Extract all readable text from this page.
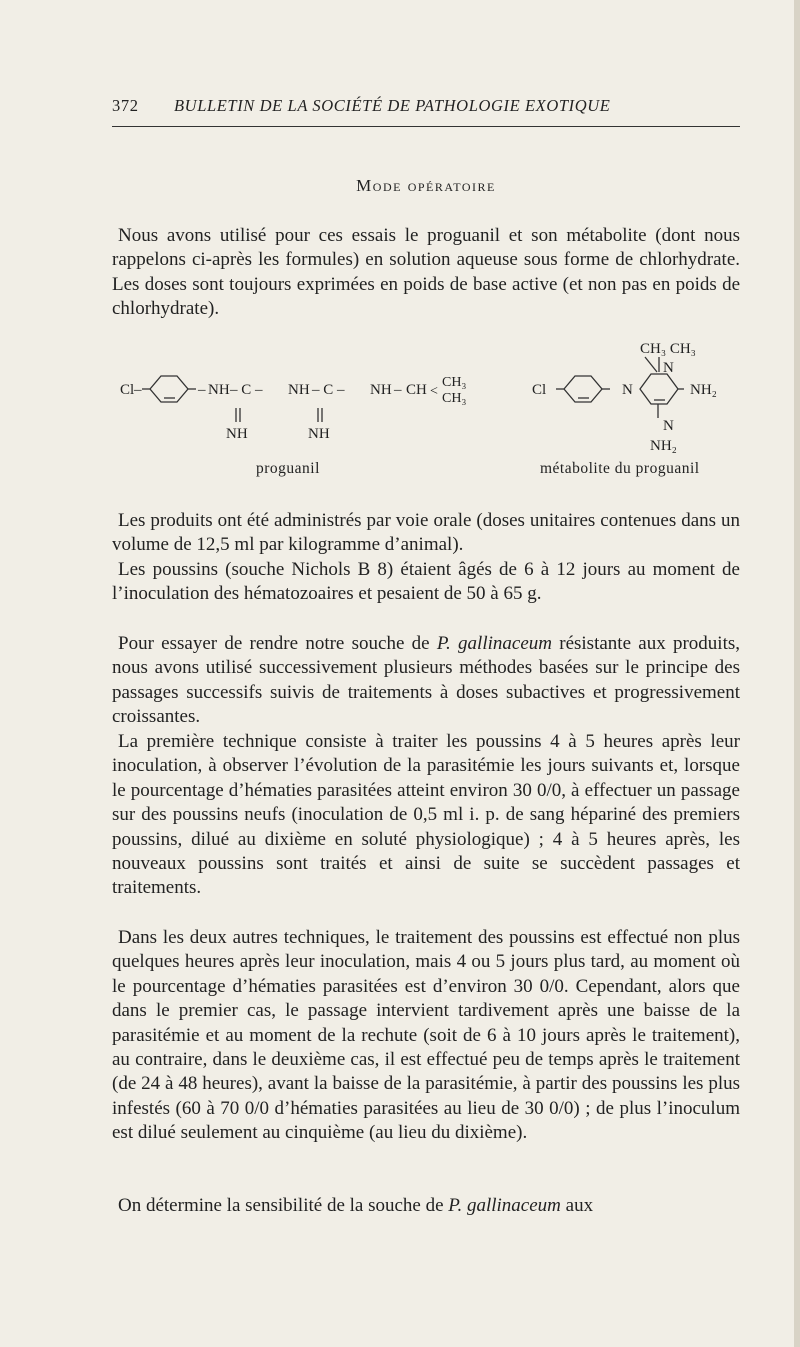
372 BULLETIN DE LA SOCIÉTÉ DE PATHOLOGIE EXOTIQUE
Mode opératoire
Nous avons utilisé pour ces essais le proguanil et son métabolite (dont nous rappelons ci-après les formules) en solution aqueuse sous forme de chlorhydrate. Les doses sont toujours exprimées en poids de base active (et non pas en poids de chlorhydrate).
Cl –	– NH – C – NH – C – NH – CH <
CH₃
CH₃
NH	NH
Cl	N	NH₂
CH₃ CH₃
N
N
NH₂
proguanil	métabolite du proguanil
Les produits ont été administrés par voie orale (doses unitaires contenues dans un volume de 12,5 ml par kilogramme d’animal).
Les poussins (souche Nichols B 8) étaient âgés de 6 à 12 jours au moment de l’inoculation des hématozoaires et pesaient de 50 à 65 g.
Pour essayer de rendre notre souche de P. gallinaceum résistante aux produits, nous avons utilisé successivement plusieurs méthodes basées sur le principe des passages successifs suivis de traitements à doses subactives et progressivement croissantes.
La première technique consiste à traiter les poussins 4 à 5 heures après leur inoculation, à observer l’évolution de la parasitémie les jours suivants et, lorsque le pourcentage d’hématies parasitées atteint environ 30 0/0, à effectuer un passage sur des poussins neufs (inoculation de 0,5 ml i. p. de sang hépariné des premiers poussins, dilué au dixième en soluté physiologique) ; 4 à 5 heures après, les nouveaux poussins sont traités et ainsi de suite se succèdent passages et traitements.
Dans les deux autres techniques, le traitement des poussins est effectué non plus quelques heures après leur inoculation, mais 4 ou 5 jours plus tard, au moment où le pourcentage d’hématies parasitées est d’environ 30 0/0. Cependant, alors que dans le premier cas, le passage intervient tardivement après une baisse de la parasitémie et au moment de la rechute (soit de 6 à 10 jours après le traitement), au contraire, dans le deuxième cas, il est effectué peu de temps après le traitement (de 24 à 48 heures), avant la baisse de la parasitémie, à partir des poussins les plus infestés (60 à 70 0/0 d’hématies parasitées au lieu de 30 0/0) ; de plus l’inoculum est dilué seulement au cinquième (au lieu du dixième).
On détermine la sensibilité de la souche de P. gallinaceum aux
